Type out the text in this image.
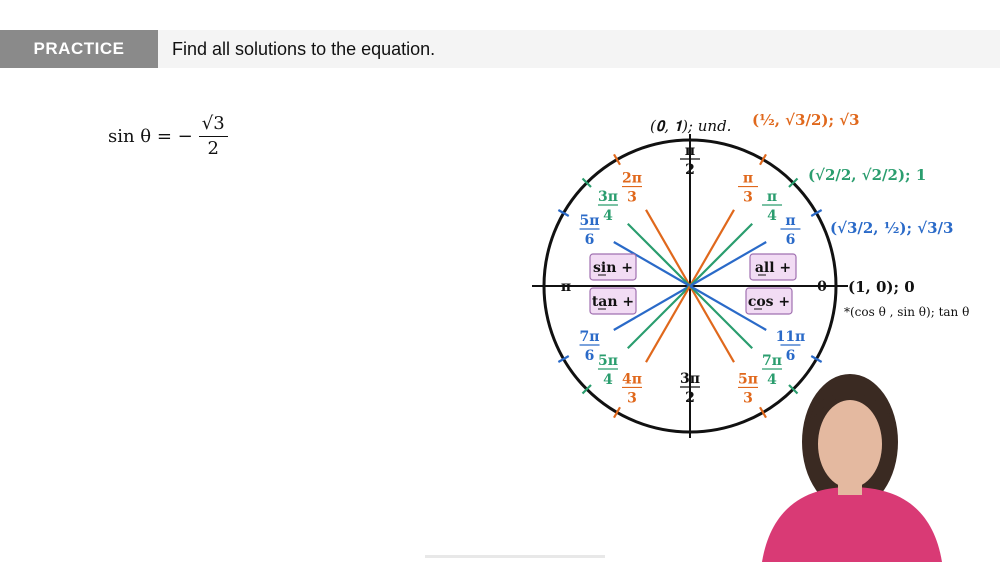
PRACTICE	Find all solutions to the equation.
sin θ = − $\frac{√3}{2}$	π
2
π
3 π
4 π
6
2π
3
3π
4
5π
6
π
7π
6 5π
4 4π
3
3π
2
5π
3
7π
4
11π
6
0
sin +	all +
tan +	cos +
(𝟎, 𝟏); und. (½, √3/2); √3
(√2/2, √2/2); 1
(√3/2, ½); √3/3
(𝟏, 𝟎); 𝟎
*(cos θ , sin θ); tan θ
